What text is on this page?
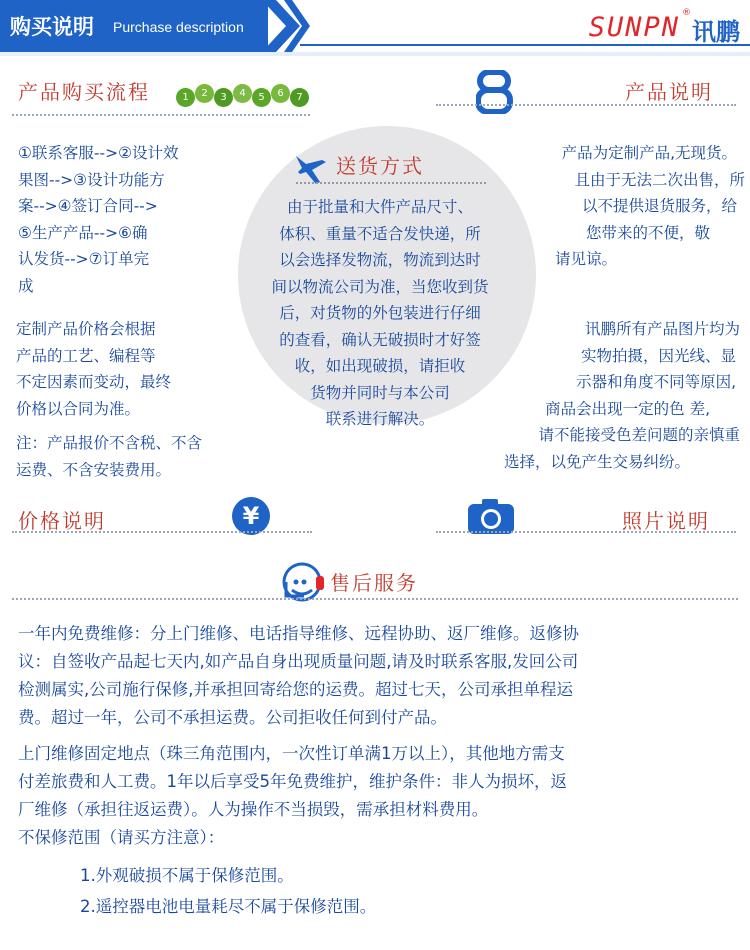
购买说明 Purchase description	SUNPN ®
讯鹏
产品购买流程	1	2	3	4	5	6	7	产品说明
①联系客服-->②设计效
果图-->③设计功能方
案-->④签订合同-->
⑤生产产品-->⑥确
认发货-->⑦订单完
成
产品为定制产品,无现货。
且由于无法二次出售，所
以不提供退货服务，给
您带来的不便，敬
请见谅。
送货方式
由于批量和大件产品尺寸、
体积、重量不适合发快递，所
以会选择发物流，物流到达时
间以物流公司为准，当您收到货
后，对货物的外包装进行仔细
的查看，确认无破损时才好签
收，如出现破损，请拒收
货物并同时与本公司
联系进行解决。
定制产品价格会根据
产品的工艺、编程等
不定因素而变动，最终
价格以合同为准。
注：产品报价不含税、不含
运费、不含安装费用。
讯鹏所有产品图片均为
实物拍摄，因光线、显
示器和角度不同等原因,
商品会出现一定的色 差,
请不能接受色差问题的亲慎重
选择，以免产生交易纠纷。
价格说明	¥	照片说明
售后服务
一年内免费维修：分上门维修、电话指导维修、远程协助、返厂维修。返修协
议：自签收产品起七天内,如产品自身出现质量问题,请及时联系客服,发回公司
检测属实,公司施行保修,并承担回寄给您的运费。超过七天，公司承担单程运
费。超过一年，公司不承担运费。公司拒收任何到付产品。
上门维修固定地点（珠三角范围内，一次性订单满1万以上），其他地方需支
付差旅费和人工费。1年以后享受5年免费维护，维护条件：非人为损坏，返
厂维修（承担往返运费）。人为操作不当损毁，需承担材料费用。
不保修范围（请买方注意）：
1.外观破损不属于保修范围。
2.遥控器电池电量耗尽不属于保修范围。
